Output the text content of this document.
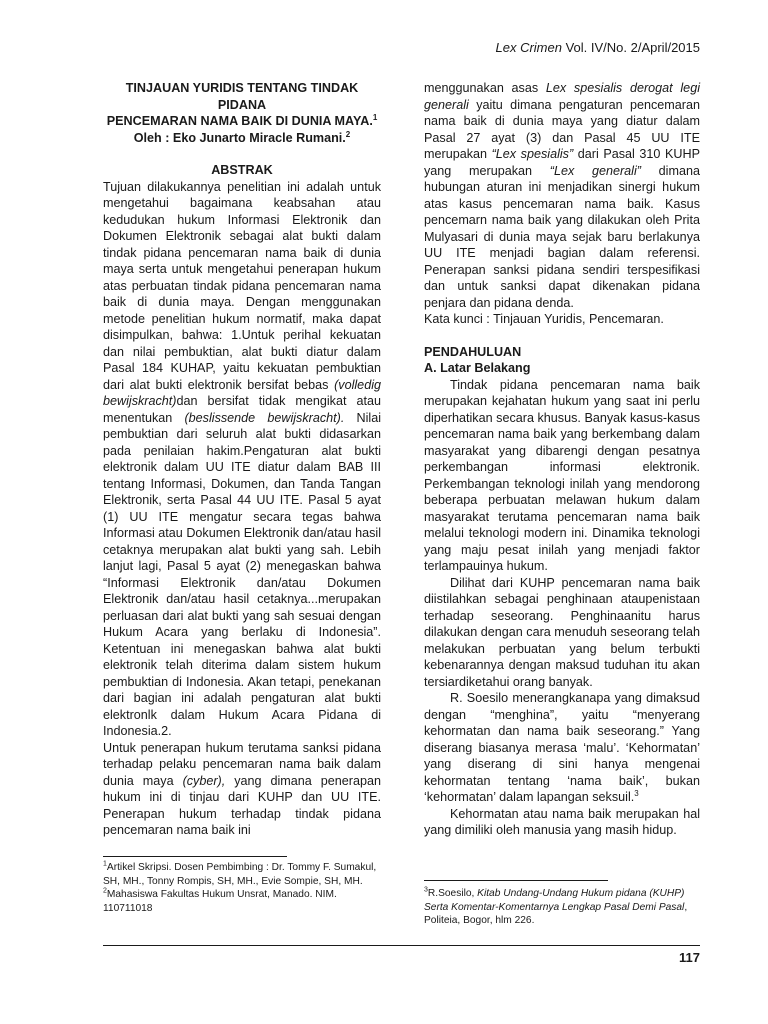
Lex Crimen Vol. IV/No. 2/April/2015

TINJAUAN YURIDIS TENTANG TINDAK PIDANA
PENCEMARAN NAMA BAIK DI DUNIA MAYA.$^1$

Oleh : Eko Junarto Miracle Rumani.$^2$

ABSTRAK

Tujuan dilakukannya penelitian ini adalah untuk mengetahui bagaimana keabsahan atau kedudukan hukum Informasi Elektronik dan Dokumen Elektronik sebagai alat bukti dalam tindak pidana pencemaran nama baik di dunia maya serta untuk mengetahui penerapan hukum atas perbuatan tindak pidana pencemaran nama baik di dunia maya. Dengan menggunakan metode penelitian hukum normatif, maka dapat disimpulkan, bahwa: 1.Untuk perihal kekuatan dan nilai pembuktian, alat bukti diatur dalam Pasal 184 KUHAP, yaitu kekuatan pembuktian dari alat bukti elektronik bersifat bebas (volledig bewijskracht)dan bersifat tidak mengikat atau menentukan (beslissende bewijskracht). Nilai pembuktian dari seluruh alat bukti didasarkan pada penilaian hakim.Pengaturan alat bukti elektronik dalam UU ITE diatur dalam BAB III tentang Informasi, Dokumen, dan Tanda Tangan Elektronik, serta Pasal 44 UU ITE. Pasal 5 ayat (1) UU ITE mengatur secara tegas bahwa Informasi atau Dokumen Elektronik dan/atau hasil cetaknya merupakan alat bukti yang sah. Lebih lanjut lagi, Pasal 5 ayat (2) menegaskan bahwa “Informasi Elektronik dan/atau Dokumen Elektronik dan/atau hasil cetaknya...merupakan perluasan dari alat bukti yang sah sesuai dengan Hukum Acara yang berlaku di Indonesia”. Ketentuan ini menegaskan bahwa alat bukti elektronik telah diterima dalam sistem hukum pembuktian di Indonesia. Akan tetapi, penekanan dari bagian ini adalah pengaturan alat bukti elektronlk dalam Hukum Acara Pidana di Indonesia.2.

Untuk penerapan hukum terutama sanksi pidana terhadap pelaku pencemaran nama baik dalam dunia maya (cyber), yang dimana penerapan hukum ini di tinjau dari KUHP dan UU ITE. Penerapan hukum terhadap tindak pidana pencemaran nama baik ini

$^1$Artikel Skripsi. Dosen Pembimbing : Dr. Tommy F. Sumakul, SH, MH., Tonny Rompis, SH, MH., Evie Sompie, SH, MH.
$^2$Mahasiswa Fakultas Hukum Unsrat, Manado. NIM. 110711018

menggunakan asas Lex spesialis derogat legi generali yaitu dimana pengaturan pencemaran nama baik di dunia maya yang diatur dalam Pasal 27 ayat (3) dan Pasal 45 UU ITE merupakan “Lex spesialis” dari Pasal 310 KUHP yang merupakan “Lex generali” dimana hubungan aturan ini menjadikan sinergi hukum atas kasus pencemaran nama baik. Kasus pencemarn nama baik yang dilakukan oleh Prita Mulyasari di dunia maya sejak baru berlakunya UU ITE menjadi bagian dalam referensi. Penerapan sanksi pidana sendiri terspesifikasi dan untuk sanksi dapat dikenakan pidana penjara dan pidana denda.

Kata kunci : Tinjauan Yuridis, Pencemaran.

PENDAHULUAN

A. Latar Belakang

Tindak pidana pencemaran nama baik merupakan kejahatan hukum yang saat ini perlu diperhatikan secara khusus. Banyak kasus-kasus pencemaran nama baik yang berkembang dalam masyarakat yang dibarengi dengan pesatnya perkembangan informasi elektronik. Perkembangan teknologi inilah yang mendorong beberapa perbuatan melawan hukum dalam masyarakat terutama pencemaran nama baik melalui teknologi modern ini. Dinamika teknologi yang maju pesat inilah yang menjadi faktor terlampauinya hukum.

Dilihat dari KUHP pencemaran nama baik diistilahkan sebagai penghinaan ataupenistaan terhadap seseorang. Penghinaanitu harus dilakukan dengan cara menuduh seseorang telah melakukan perbuatan yang belum terbukti kebenarannya dengan maksud tuduhan itu akan tersiardiketahui orang banyak.

R. Soesilo menerangkanapa yang dimaksud dengan “menghina”, yaitu “menyerang kehormatan dan nama baik seseorang.” Yang diserang biasanya merasa ‘malu’. ‘Kehormatan’ yang diserang di sini hanya mengenai kehormatan tentang ‘nama baik’, bukan ‘kehormatan’ dalam lapangan seksuil.$^3$

Kehormatan atau nama baik merupakan hal yang dimiliki oleh manusia yang masih hidup.

$^3$R.Soesilo, Kitab Undang-Undang Hukum pidana (KUHP) Serta Komentar-Komentarnya Lengkap Pasal Demi Pasal, Politeia, Bogor, hlm 226.
117
